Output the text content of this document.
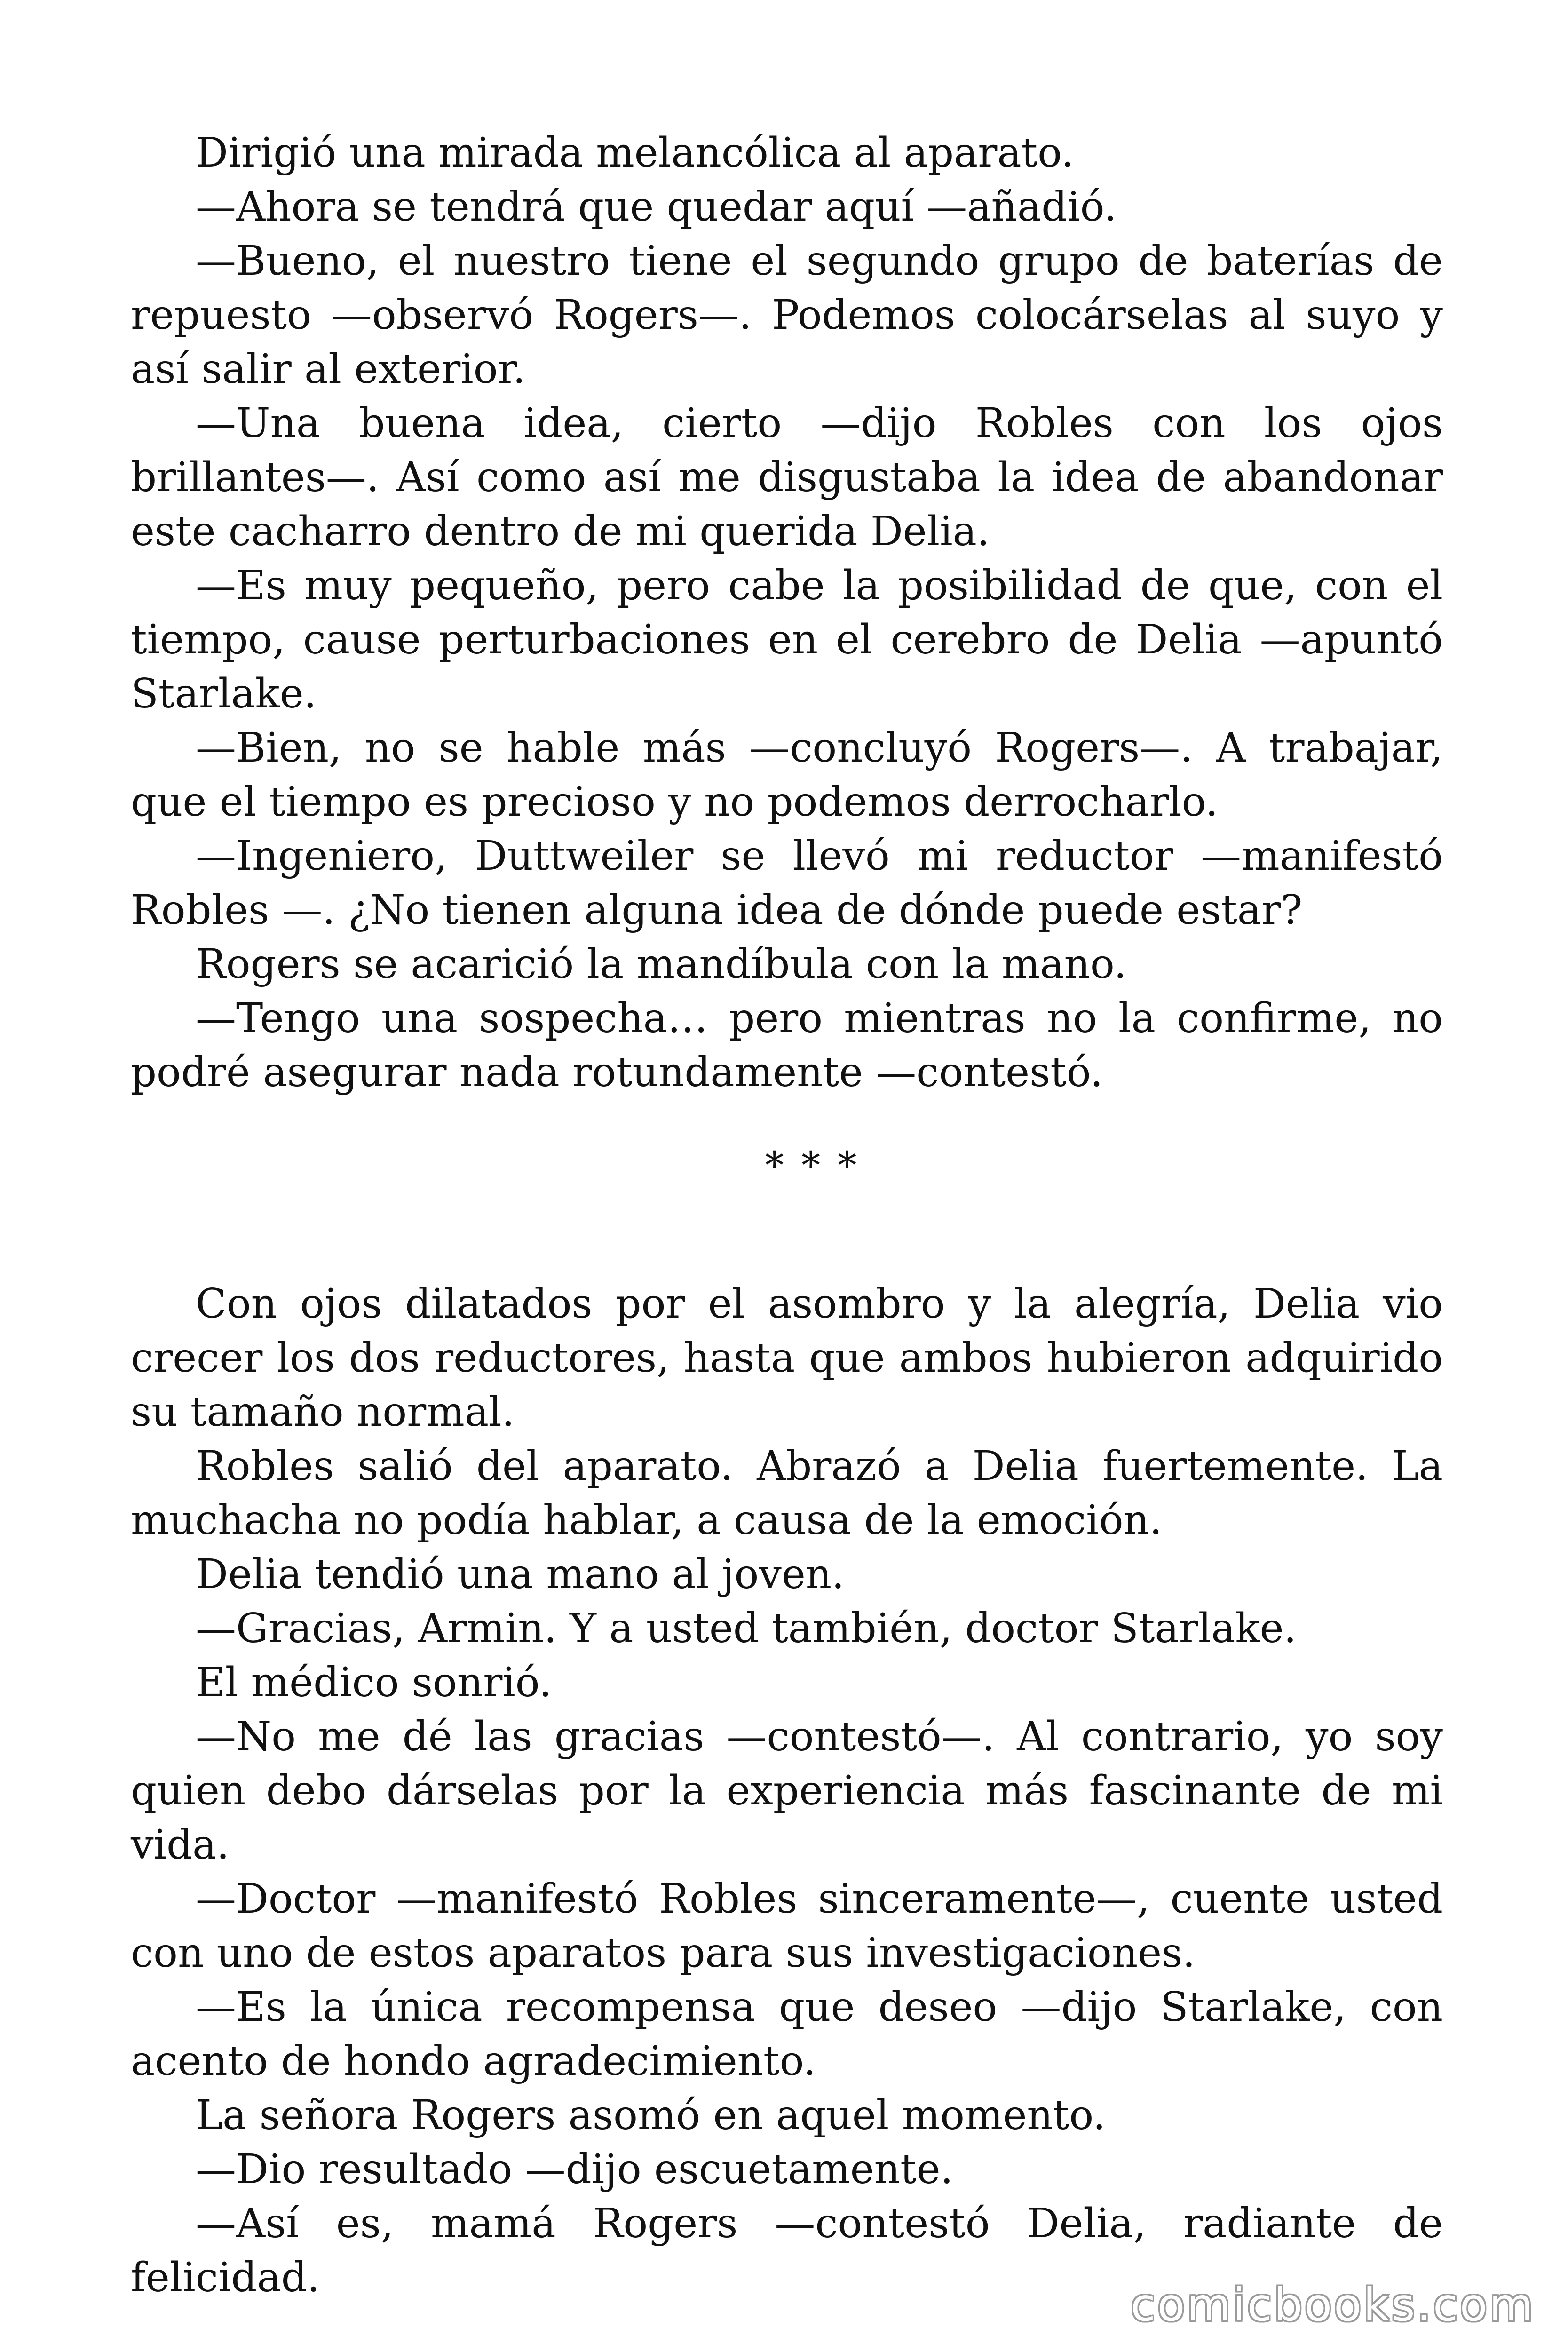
Dirigió una mirada melancólica al aparato.

—Ahora se tendrá que quedar aquí —añadió.

—Bueno, el nuestro tiene el segundo grupo de baterías de repuesto —observó Rogers—. Podemos colocárselas al suyo y así salir al exterior.

—Una buena idea, cierto —dijo Robles con los ojos brillantes—. Así como así me disgustaba la idea de abandonar este cacharro dentro de mi querida Delia.

—Es muy pequeño, pero cabe la posibilidad de que, con el tiempo, cause perturbaciones en el cerebro de Delia —apuntó Starlake.

—Bien, no se hable más —concluyó Rogers—. A trabajar, que el tiempo es precioso y no podemos derrocharlo.

—Ingeniero, Duttweiler se llevó mi reductor —manifestó Robles —. ¿No tienen alguna idea de dónde puede estar?

Rogers se acarició la mandíbula con la mano.

—Tengo una sospecha… pero mientras no la confirme, no podré asegurar nada rotundamente —contestó.

* * *

Con ojos dilatados por el asombro y la alegría, Delia vio crecer los dos reductores, hasta que ambos hubieron adquirido su tamaño normal.

Robles salió del aparato. Abrazó a Delia fuertemente. La muchacha no podía hablar, a causa de la emoción.

Delia tendió una mano al joven.

—Gracias, Armin. Y a usted también, doctor Starlake.

El médico sonrió.

—No me dé las gracias —contestó—. Al contrario, yo soy quien debo dárselas por la experiencia más fascinante de mi vida.

—Doctor —manifestó Robles sinceramente—, cuente usted con uno de estos aparatos para sus investigaciones.

—Es la única recompensa que deseo —dijo Starlake, con acento de hondo agradecimiento.

La señora Rogers asomó en aquel momento.

—Dio resultado —dijo escuetamente.

—Así es, mamá Rogers —contestó Delia, radiante de felicidad.

comicbooks.com
